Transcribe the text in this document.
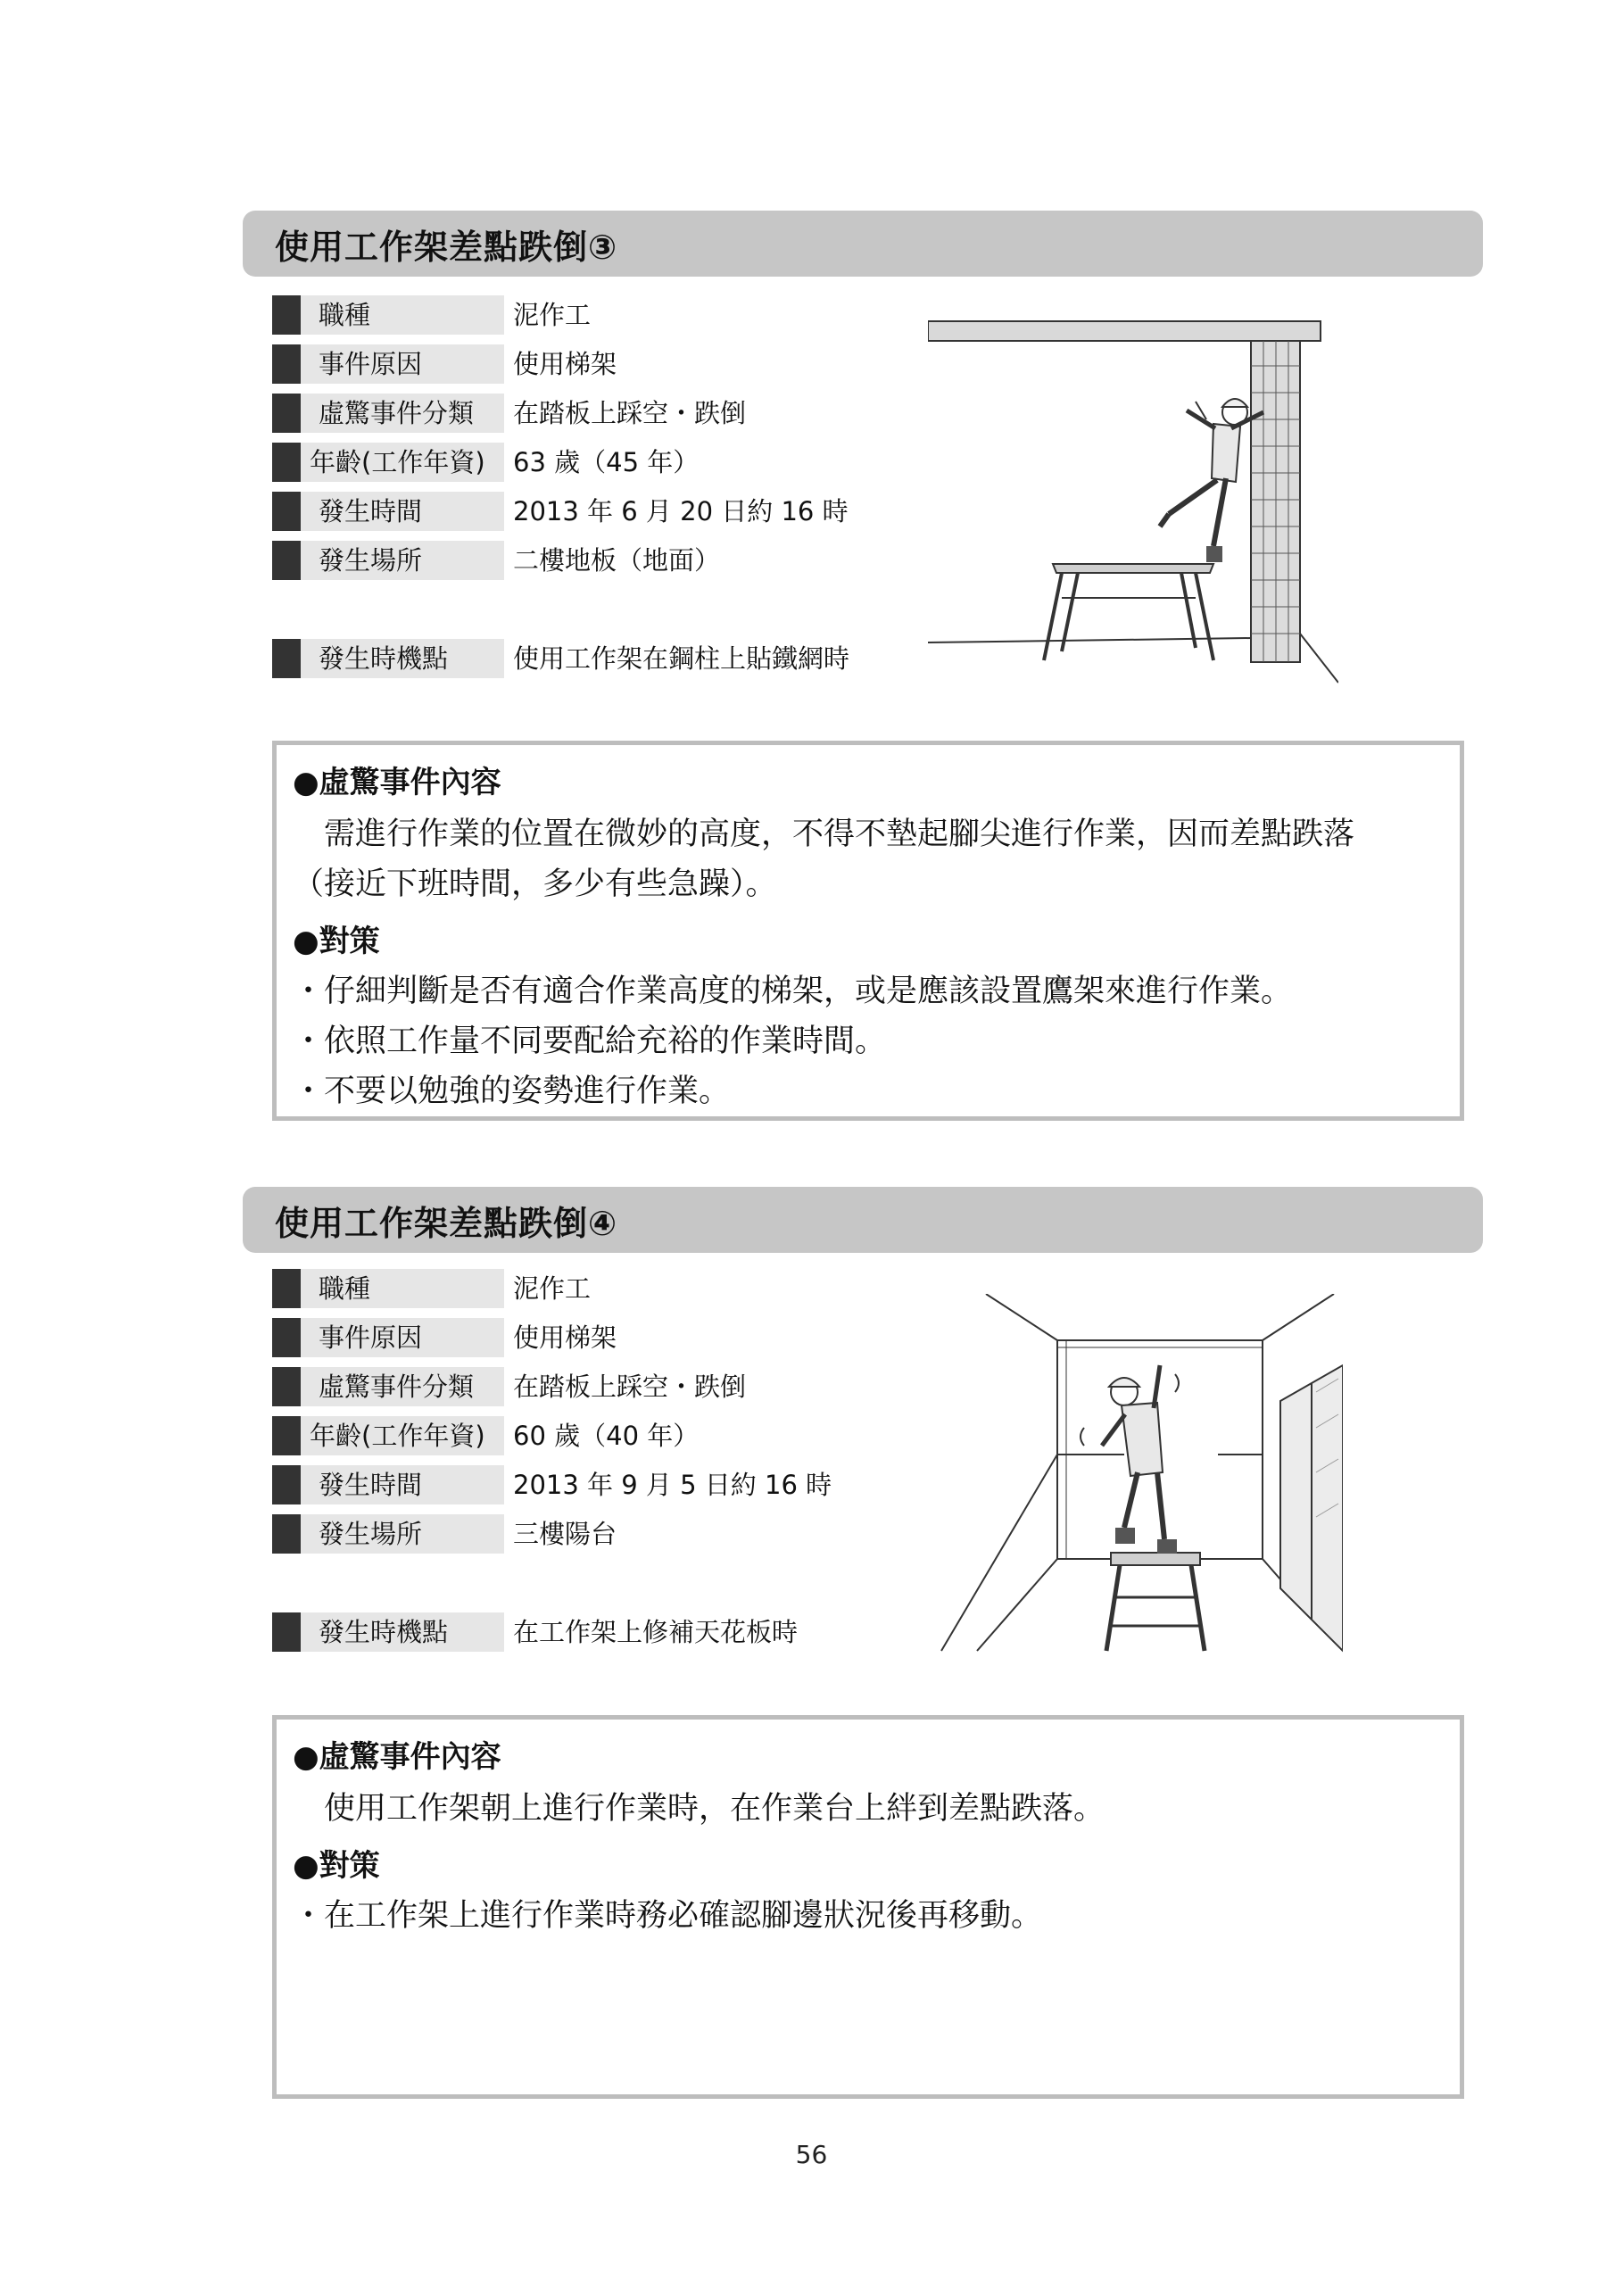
使用工作架差點跌倒③
職種	泥作工
事件原因	使用梯架
虛驚事件分類	在踏板上踩空・跌倒
年齡(工作年資)	63 歲（45 年）
發生時間	2013 年 6 月 20 日約 16 時
發生場所	二樓地板（地面）
發生時機點	使用工作架在鋼柱上貼鐵網時
●虛驚事件內容
　需進行作業的位置在微妙的高度，不得不墊起腳尖進行作業，因而差點跌落
（接近下班時間，多少有些急躁）。
●對策
・仔細判斷是否有適合作業高度的梯架，或是應該設置鷹架來進行作業。
・依照工作量不同要配給充裕的作業時間。
・不要以勉強的姿勢進行作業。
使用工作架差點跌倒④
職種	泥作工
事件原因	使用梯架
虛驚事件分類	在踏板上踩空・跌倒
年齡(工作年資)	60 歲（40 年）
發生時間	2013 年 9 月 5 日約 16 時
發生場所	三樓陽台
發生時機點	在工作架上修補天花板時
●虛驚事件內容
　使用工作架朝上進行作業時，在作業台上絆到差點跌落。
●對策
・在工作架上進行作業時務必確認腳邊狀況後再移動。
56
